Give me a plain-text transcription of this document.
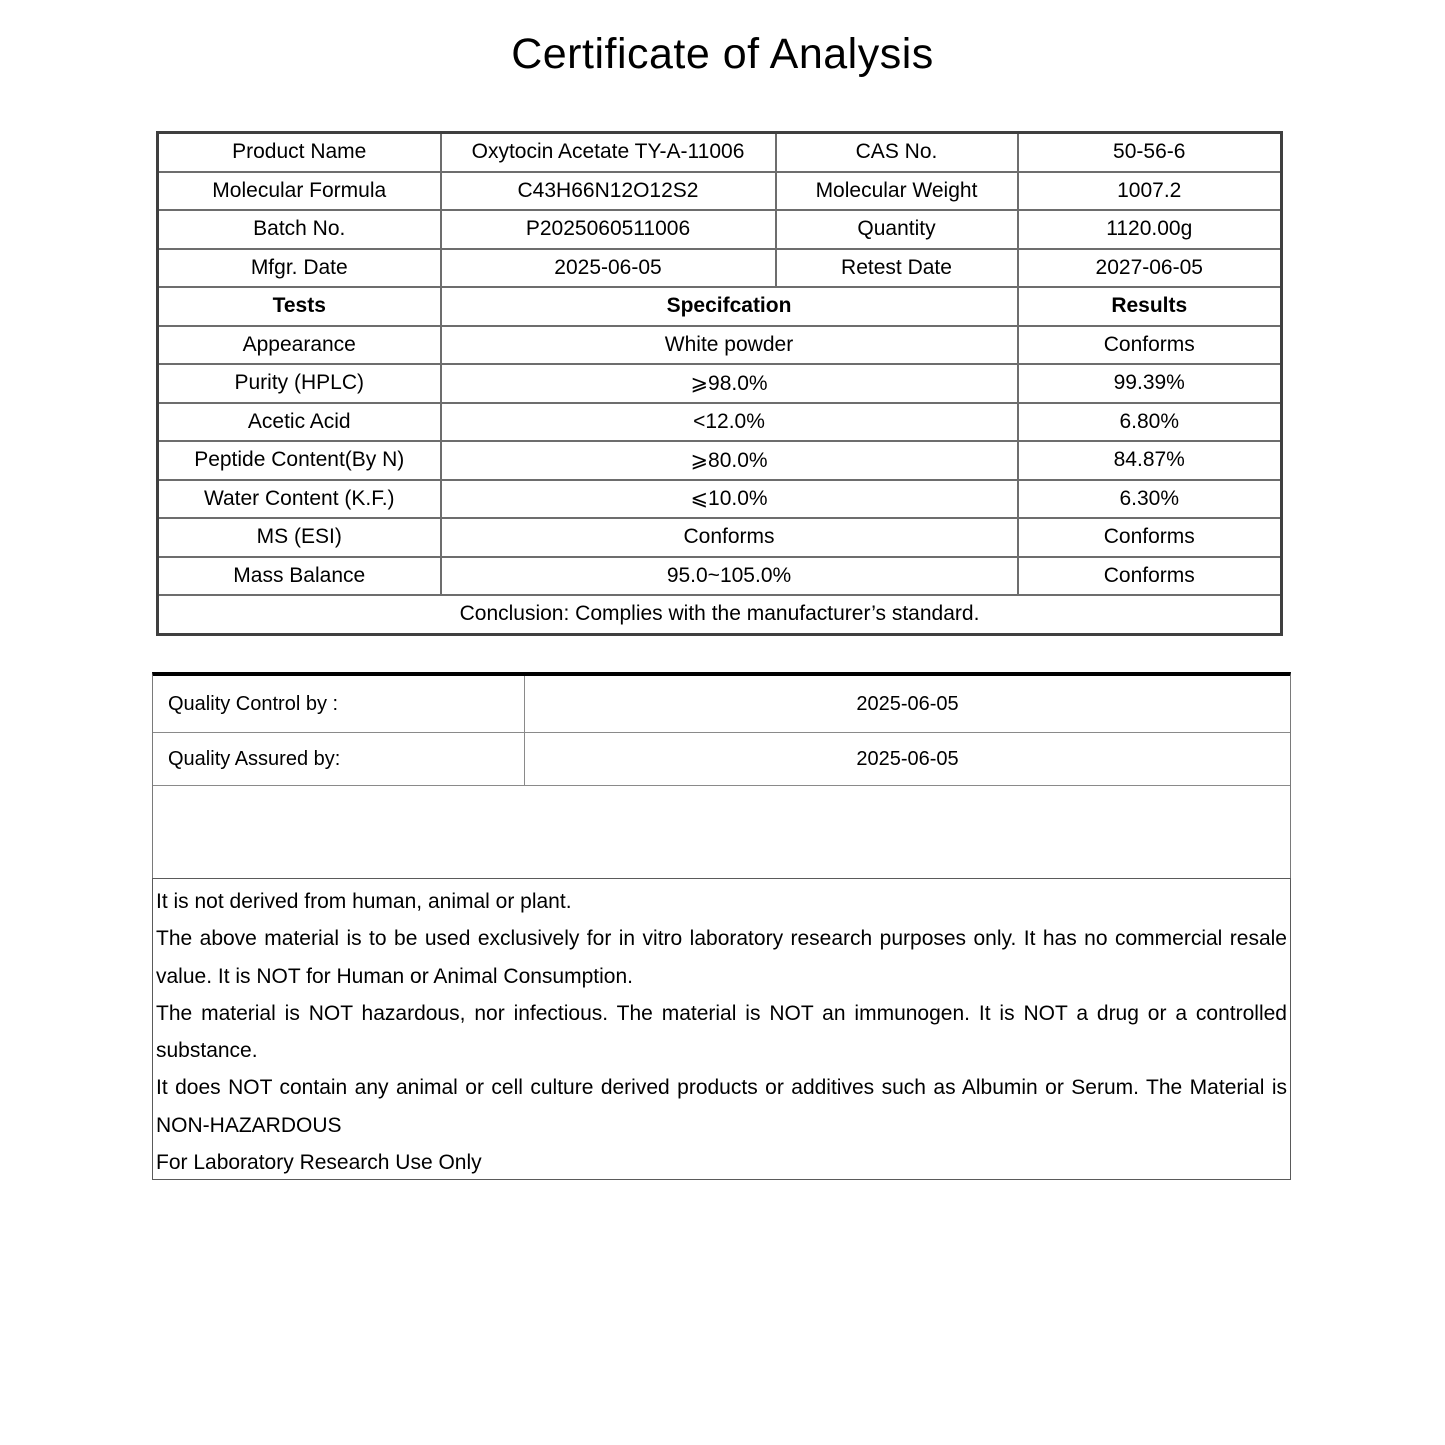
Certificate of Analysis
Product Name	Oxytocin Acetate TY-A-11006	CAS No.	50-56-6
Molecular Formula	C43H66N12O12S2	Molecular Weight	1007.2
Batch No.	P2025060511006	Quantity	1120.00g
Mfgr. Date	2025-06-05	Retest Date	2027-06-05
Tests	Specifcation		Results
Appearance	White powder		Conforms
Purity (HPLC)	⩾98.0%		99.39%
Acetic Acid	<12.0%		6.80%
Peptide Content(By N)	⩾80.0%		84.87%
Water Content (K.F.)	⩽10.0%		6.30%
MS (ESI)	Conforms		Conforms
Mass Balance	95.0~105.0%		Conforms
Conclusion: Complies with the manufacturer’s standard.			
Quality Control by :	2025-06-05
Quality Assured by:	2025-06-05

It is not derived from human, animal or plant.

The above material is to be used exclusively for in vitro laboratory research purposes only. It has no commercial resale value. It is NOT for Human or Animal Consumption.

The material is NOT hazardous, nor infectious. The material is NOT an immunogen. It is NOT a drug or a controlled substance.

It does NOT contain any animal or cell culture derived products or additives such as Albumin or Serum. The Material is NON-HAZARDOUS

For Laboratory Research Use Only
